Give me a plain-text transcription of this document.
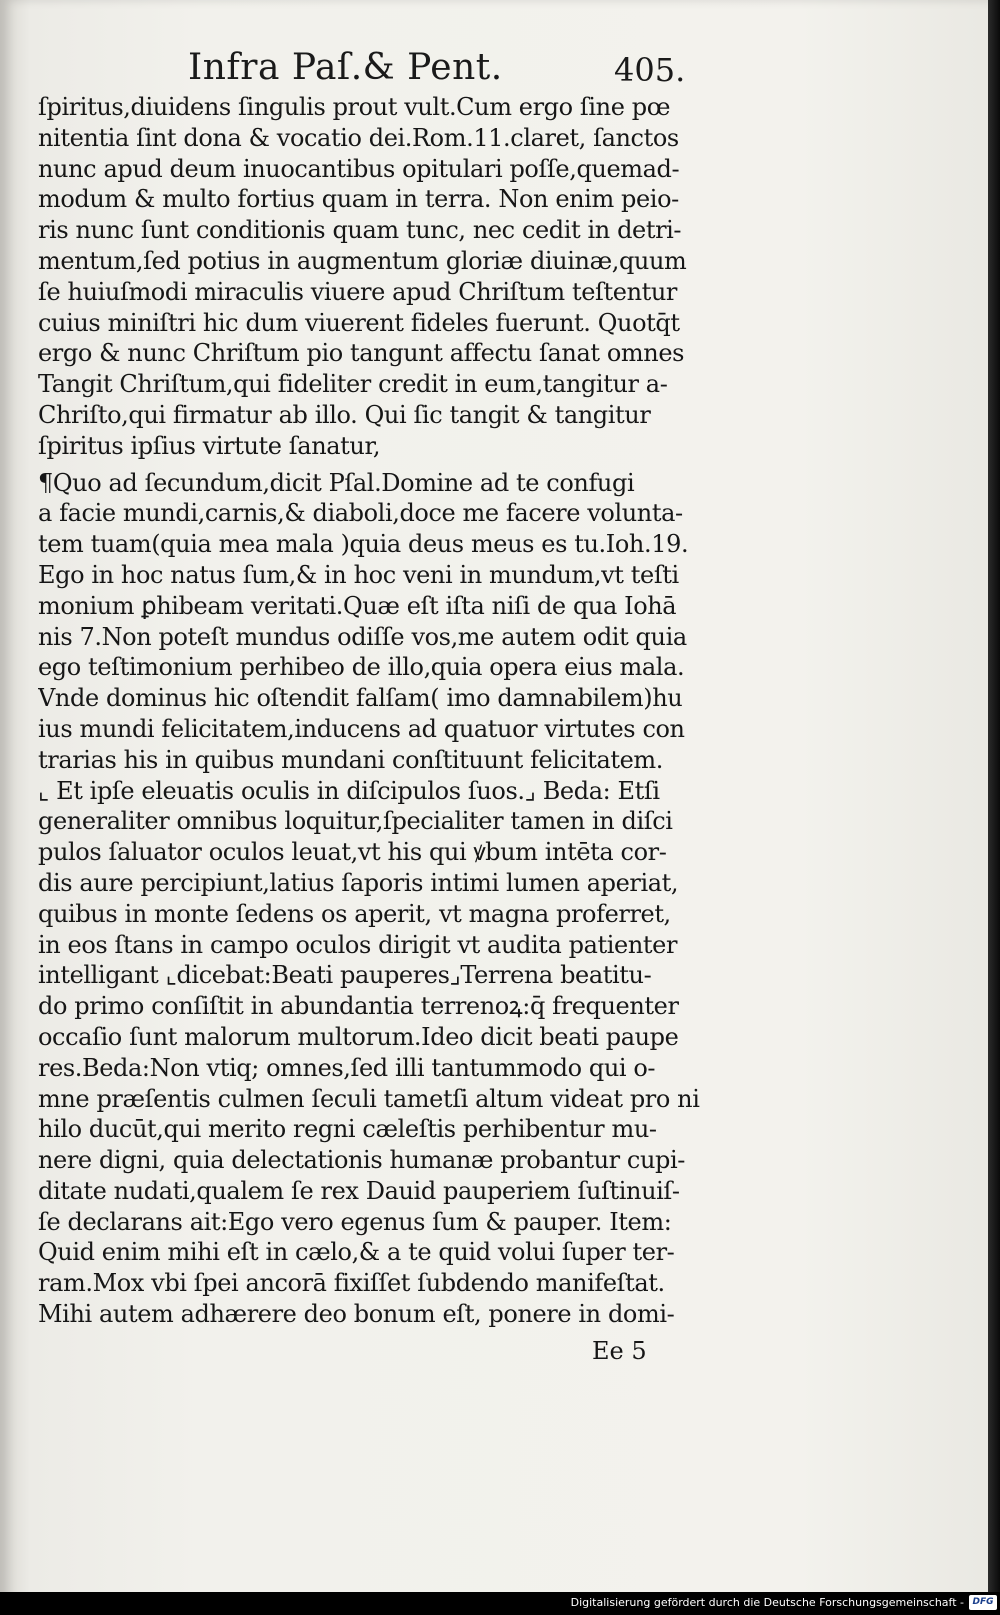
Infra Paſ.& Pent.	405.
ſpiritus,diuidens ſingulis prout vult.Cum ergo ſine pœ
nitentia ſint dona & vocatio dei.Rom.11.claret, ſanctos
nunc apud deum inuocantibus opitulari poſſe,quemad-
modum & multo fortius quam in terra. Non enim peio-
ris nunc ſunt conditionis quam tunc, nec cedit in detri-
mentum,ſed potius in augmentum gloriæ diuinæ,quum
ſe huiuſmodi miraculis viuere apud Chriſtum teſtentur
cuius miniſtri hic dum viuerent fideles fuerunt. Quotq̄t
ergo & nunc Chriſtum pio tangunt affectu ſanat omnes
Tangit Chriſtum,qui fideliter credit in eum,tangitur a-
Chriſto,qui firmatur ab illo. Qui ſic tangit & tangitur
ſpiritus ipſius virtute ſanatur,
¶Quo ad ſecundum,dicit Pſal.Domine ad te confugi
a facie mundi,carnis,& diaboli,doce me facere volunta-
tem tuam(quia mea mala )quia deus meus es tu.Ioh.19.
Ego in hoc natus ſum,& in hoc veni in mundum,vt teſti
monium ꝑhibeam veritati.Quæ eſt iſta niſi de qua Iohā
nis 7.Non poteſt mundus odiſſe vos,me autem odit quia
ego teſtimonium perhibeo de illo,quia opera eius mala.
Vnde dominus hic oſtendit falſam( imo damnabilem)hu
ius mundi felicitatem,inducens ad quatuor virtutes con
trarias his in quibus mundani conſtituunt felicitatem.
⌞ Et ipſe eleuatis oculis in diſcipulos ſuos.⌟ Beda: Etſi
generaliter omnibus loquitur,ſpecialiter tamen in diſci
pulos ſaluator oculos leuat,vt his qui ꝟbum intēta cor-
dis aure percipiunt,latius ſaporis intimi lumen aperiat,
quibus in monte ſedens os aperit, vt magna proferret,
in eos ſtans in campo oculos dirigit vt audita patienter
intelligant ⌞dicebat:Beati pauperes⌟Terrena beatitu-
do primo conſiſtit in abundantia terrenoꝝ:q̄ frequenter
occaſio ſunt malorum multorum.Ideo dicit beati paupe
res.Beda:Non vtiq; omnes,ſed illi tantummodo qui o-
mne præſentis culmen ſeculi tametſi altum videat pro ni
hilo ducūt,qui merito regni cæleſtis perhibentur mu-
nere digni, quia delectationis humanæ probantur cupi-
ditate nudati,qualem ſe rex Dauid pauperiem ſuſtinuiſ-
ſe declarans ait:Ego vero egenus ſum & pauper. Item:
Quid enim mihi eſt in cælo,& a te quid volui ſuper ter-
ram.Mox vbi ſpei ancorā fixiſſet ſubdendo manifeſtat.
Mihi autem adhærere deo bonum eſt, ponere in domi-
Ee 5
Digitalisierung gefördert durch die Deutsche Forschungsgemeinschaft - DFG
